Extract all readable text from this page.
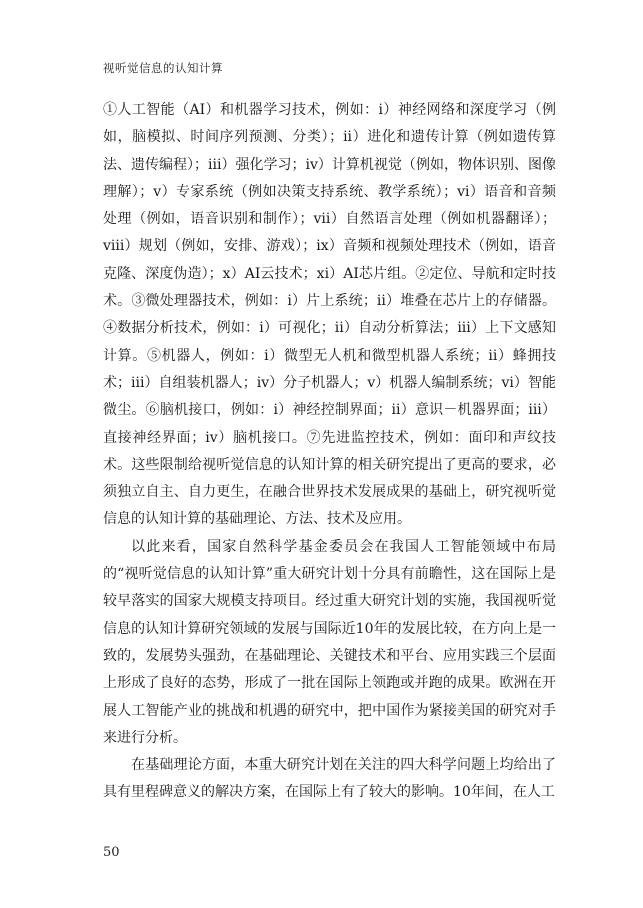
视听觉信息的认知计算

①人工智能（AI）和机器学习技术，例如：i）神经网络和深度学习（例如，脑模拟、时间序列预测、分类）；ii）进化和遗传计算（例如遗传算法、遗传编程）；iii）强化学习；iv）计算机视觉（例如，物体识别、图像理解）；v）专家系统（例如决策支持系统、教学系统）；vi）语音和音频处理（例如，语音识别和制作）；vii）自然语言处理（例如机器翻译）；viii）规划（例如，安排、游戏）；ix）音频和视频处理技术（例如，语音克隆、深度伪造）；x）AI云技术；xi）AI芯片组。②定位、导航和定时技术。③微处理器技术，例如：i）片上系统；ii）堆叠在芯片上的存储器。④数据分析技术，例如：i）可视化；ii）自动分析算法；iii）上下文感知计算。⑤机器人，例如：i）微型无人机和微型机器人系统；ii）蜂拥技术；iii）自组装机器人；iv）分子机器人；v）机器人编制系统；vi）智能微尘。⑥脑机接口，例如：i）神经控制界面；ii）意识－机器界面；iii）直接神经界面；iv）脑机接口。⑦先进监控技术，例如：面印和声纹技术。这些限制给视听觉信息的认知计算的相关研究提出了更高的要求，必须独立自主、自力更生，在融合世界技术发展成果的基础上，研究视听觉信息的认知计算的基础理论、方法、技术及应用。

以此来看，国家自然科学基金委员会在我国人工智能领域中布局的“视听觉信息的认知计算”重大研究计划十分具有前瞻性，这在国际上是较早落实的国家大规模支持项目。经过重大研究计划的实施，我国视听觉信息的认知计算研究领域的发展与国际近10年的发展比较，在方向上是一致的，发展势头强劲，在基础理论、关键技术和平台、应用实践三个层面上形成了良好的态势，形成了一批在国际上领跑或并跑的成果。欧洲在开展人工智能产业的挑战和机遇的研究中，把中国作为紧接美国的研究对手来进行分析。

在基础理论方面，本重大研究计划在关注的四大科学问题上均给出了具有里程碑意义的解决方案，在国际上有了较大的影响。10年间，在人工

50
